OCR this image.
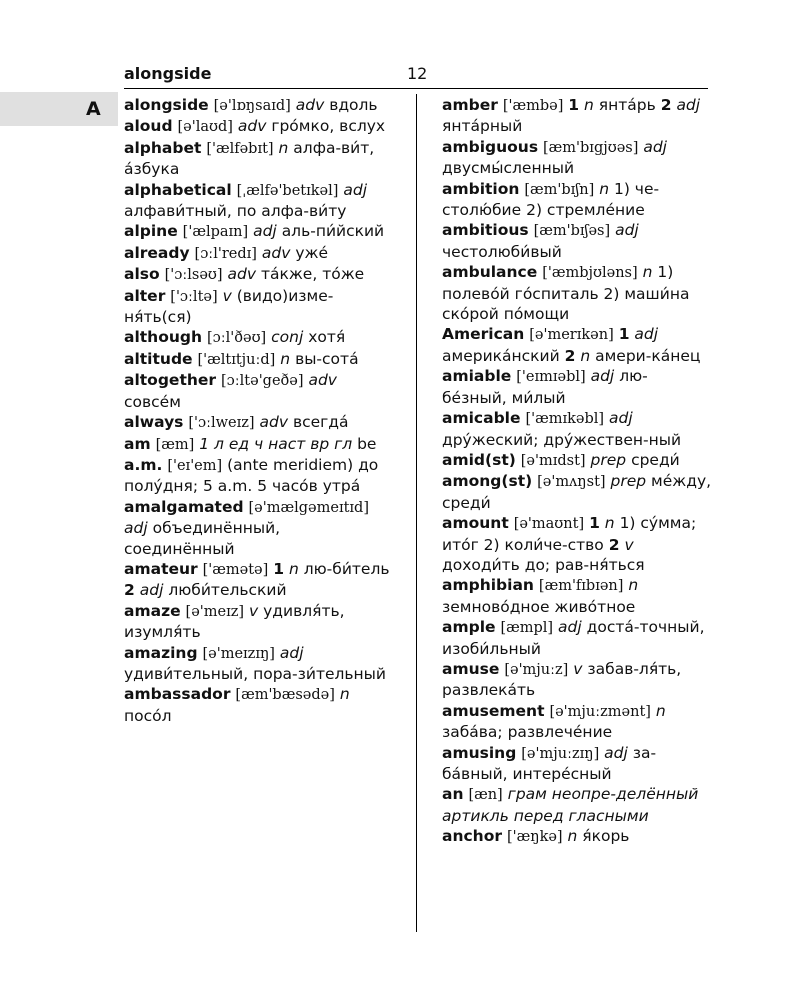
alongside	12
A alongside [ə'lɒŋsaɪd] adv вдоль
aloud [ə'laʊd] adv гро́мко, вслух
alphabet ['ælfəbɪt] n алфа-ви́т, а́збука
alphabetical [ˌælfə'betɪkəl] adj алфави́тный, по алфа-ви́ту
alpine ['ælpaɪn] adj аль-пи́йский
already [ɔːl'redɪ] adv уже́
also ['ɔːlsəʊ] adv та́кже, то́же
alter ['ɔːltə] v (видо)изме-ня́ть(ся)
although [ɔːl'ðəʊ] conj хотя́
altitude ['æltɪtjuːd] n вы-сота́
altogether [ɔːltə'geðə] adv совсе́м
always ['ɔːlweɪz] adv всегда́
am [æm] 1 л ед ч наст вр гл be
a.m. ['eɪ'em] (ante meridiem) до полу́дня; 5 a.m. 5 часо́в утра́
amalgamated [ə'mælgəmeɪtɪd] adj объединённый, соединённый
amateur ['æmətə] 1 n лю-би́тель 2 adj люби́тельский
amaze [ə'meɪz] v удивля́ть, изумля́ть
amazing [ə'meɪzɪŋ] adj удиви́тельный, пора-зи́тельный
ambassador [æm'bæsədə] n посо́л
amber ['æmbə] 1 n янта́рь 2 adj янта́рный
ambiguous [æm'bɪgjʊəs] adj двусмы́сленный
ambition [æm'bɪʃn] n 1) че-столю́бие 2) стремле́ние
ambitious [æm'bɪʃəs] adj честолюби́вый
ambulance ['æmbjʊləns] n 1) полево́й го́спиталь 2) маши́на ско́рой по́мощи
American [ə'merɪkən] 1 adj америка́нский 2 n амери-ка́нец
amiable ['eɪmɪəbl] adj лю-бе́зный, ми́лый
amicable ['æmɪkəbl] adj дру́жеский; дру́жествен-ный
amid(st) [ə'mɪdst] prep среди́
among(st) [ə'mʌŋst] prep ме́жду, среди́
amount [ə'maʊnt] 1 n 1) су́мма; ито́г 2) коли́че-ство 2 v доходи́ть до; рав-ня́ться
amphibian [æm'fɪbɪən] n земново́дное живо́тное
ample [æmpl] adj доста́-точный, изоби́льный
amuse [ə'mjuːz] v забав-ля́ть, развлека́ть
amusement [ə'mjuːzmənt] n заба́ва; развлече́ние
amusing [ə'mjuːzɪŋ] adj за-ба́вный, интере́сный
an [æn] грам неопре-делённый артикль перед гласными
anchor ['æŋkə] n я́корь
